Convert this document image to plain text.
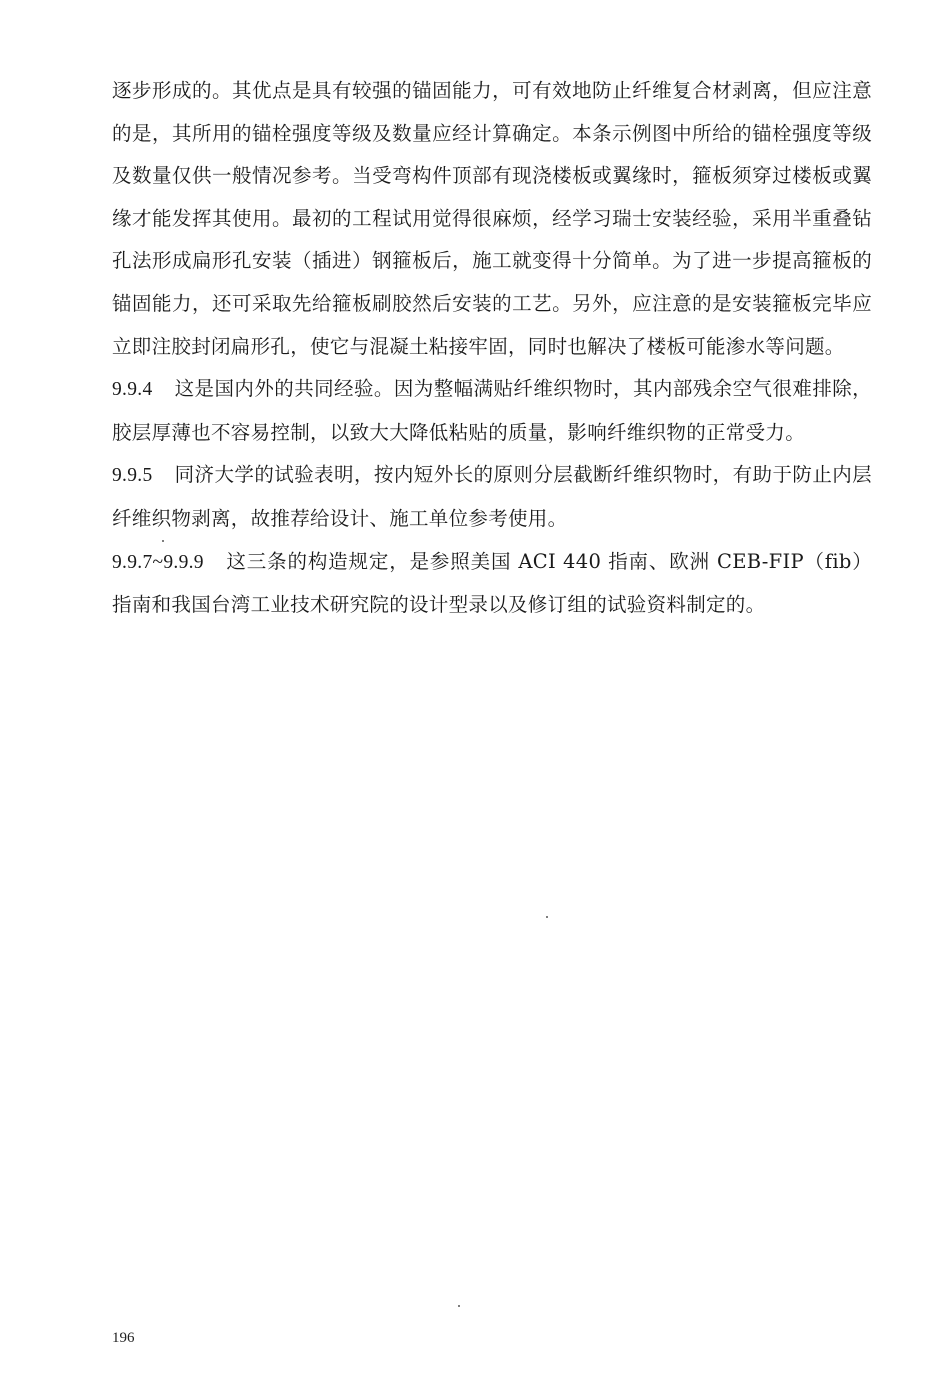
逐步形成的。其优点是具有较强的锚固能力，可有效地防止纤维复合材剥离，但应注意的是，其所用的锚栓强度等级及数量应经计算确定。本条示例图中所给的锚栓强度等级及数量仅供一般情况参考。当受弯构件顶部有现浇楼板或翼缘时，箍板须穿过楼板或翼缘才能发挥其使用。最初的工程试用觉得很麻烦，经学习瑞士安装经验，采用半重叠钻孔法形成扁形孔安装（插进）钢箍板后，施工就变得十分简单。为了进一步提高箍板的锚固能力，还可采取先给箍板刷胶然后安装的工艺。另外，应注意的是安装箍板完毕应立即注胶封闭扁形孔，使它与混凝土粘接牢固，同时也解决了楼板可能渗水等问题。

9.9.4 这是国内外的共同经验。因为整幅满贴纤维织物时，其内部残余空气很难排除，胶层厚薄也不容易控制，以致大大降低粘贴的质量，影响纤维织物的正常受力。

9.9.5 同济大学的试验表明，按内短外长的原则分层截断纤维织物时，有助于防止内层纤维织物剥离，故推荐给设计、施工单位参考使用。

9.9.7~9.9.9 这三条的构造规定，是参照美国 ACI 440 指南、欧洲 CEB-FIP（fib）指南和我国台湾工业技术研究院的设计型录以及修订组的试验资料制定的。

196
